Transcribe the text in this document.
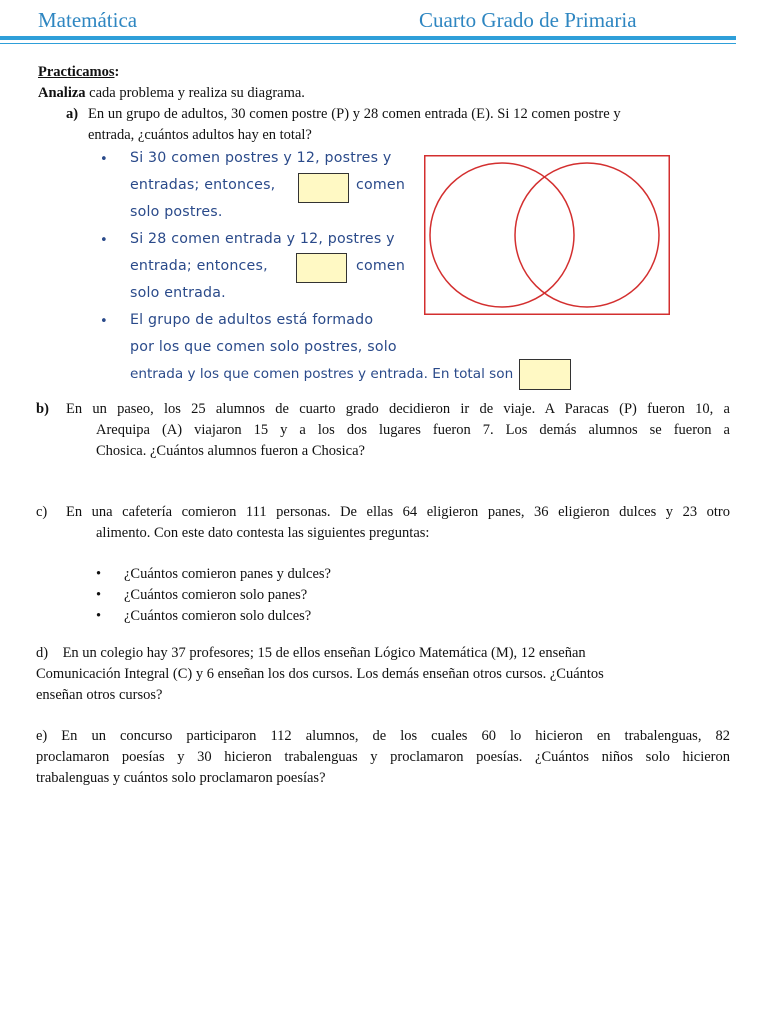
Matemática	Cuarto Grado de Primaria
Practicamos:
Analiza cada problema y realiza su diagrama.
a) En un grupo de adultos, 30 comen postre (P) y 28 comen entrada (E). Si 12 comen postre y
entrada, ¿cuántos adultos hay en total?
• Si 30 comen postres y 12, postres y
entradas; entonces,	comen
solo postres.
• Si 28 comen entrada y 12, postres y
entrada; entonces,	comen
solo entrada.
• El grupo de adultos está formado
por los que comen solo postres, solo
entrada y los que comen postres y entrada. En total son
b) En un paseo, los 25 alumnos de cuarto grado decidieron ir de viaje. A Paracas (P) fueron 10, a
Arequipa (A) viajaron 15 y a los dos lugares fueron 7. Los demás alumnos se fueron a
Chosica. ¿Cuántos alumnos fueron a Chosica?
c) En una cafetería comieron 111 personas. De ellas 64 eligieron panes, 36 eligieron dulces y 23 otro
alimento. Con este dato contesta las siguientes preguntas:
• ¿Cuántos comieron panes y dulces?
• ¿Cuántos comieron solo panes?
• ¿Cuántos comieron solo dulces?
d)    En un colegio hay 37 profesores; 15 de ellos enseñan Lógico Matemática (M), 12 enseñan
Comunicación Integral (C) y 6 enseñan los dos cursos. Los demás enseñan otros cursos. ¿Cuántos
enseñan otros cursos?
e) En un concurso participaron 112 alumnos, de los cuales 60 lo hicieron en trabalenguas, 82
proclamaron poesías y 30 hicieron trabalenguas y proclamaron poesías. ¿Cuántos niños solo hicieron
trabalenguas y cuántos solo proclamaron poesías?
